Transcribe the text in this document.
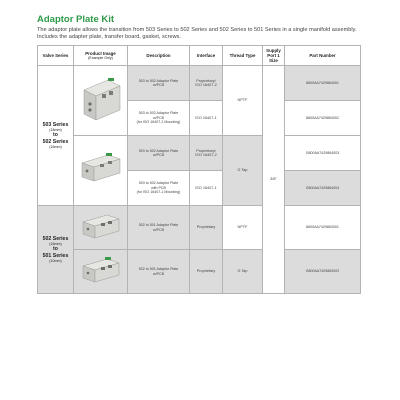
Adaptor Plate Kit
The adaptor plate allows the transition from 503 Series to 502 Series and 502 Series to 501 Series in a single manifold assembly. Includes the adapter plate, transfer board, gasket, screws.
Valve Series	Product Image
(Example Only)	Description	Interface	Thread Type	Supply Port 1 Size	Part Number
503 Series

(18mm)
to
502 Series
(16mm)		503 to 502 Adaptor Plate
w/PCB	Proprietary/
ISO 16407-2	NPTF	3/8"	8600AA7429864001
		503 to 502 Adaptor Plate
w/PCB
(for ISO 16407-1 Mounting)	ISO 16407-1			8600AA7429864002

	503 to 502 Adaptor Plate
w/PCB	Proprietary/
ISO 16407-2	G Tap		G800AA7429864003
		503 to 502 Adaptor Plate
with PCB
(for ISO 16407-1 Mounting)	ISO 16407-1			G800AA7429864004
502 Series

(16mm)
to
501 Series
(10mm)		502 to 501 Adaptor Plate
w/PCB	Proprietary	NPTF		8600AA7429863001

	502 to 501 Adaptor Plate
w/PCB	Proprietary	G Tap		G800AA7429863002
